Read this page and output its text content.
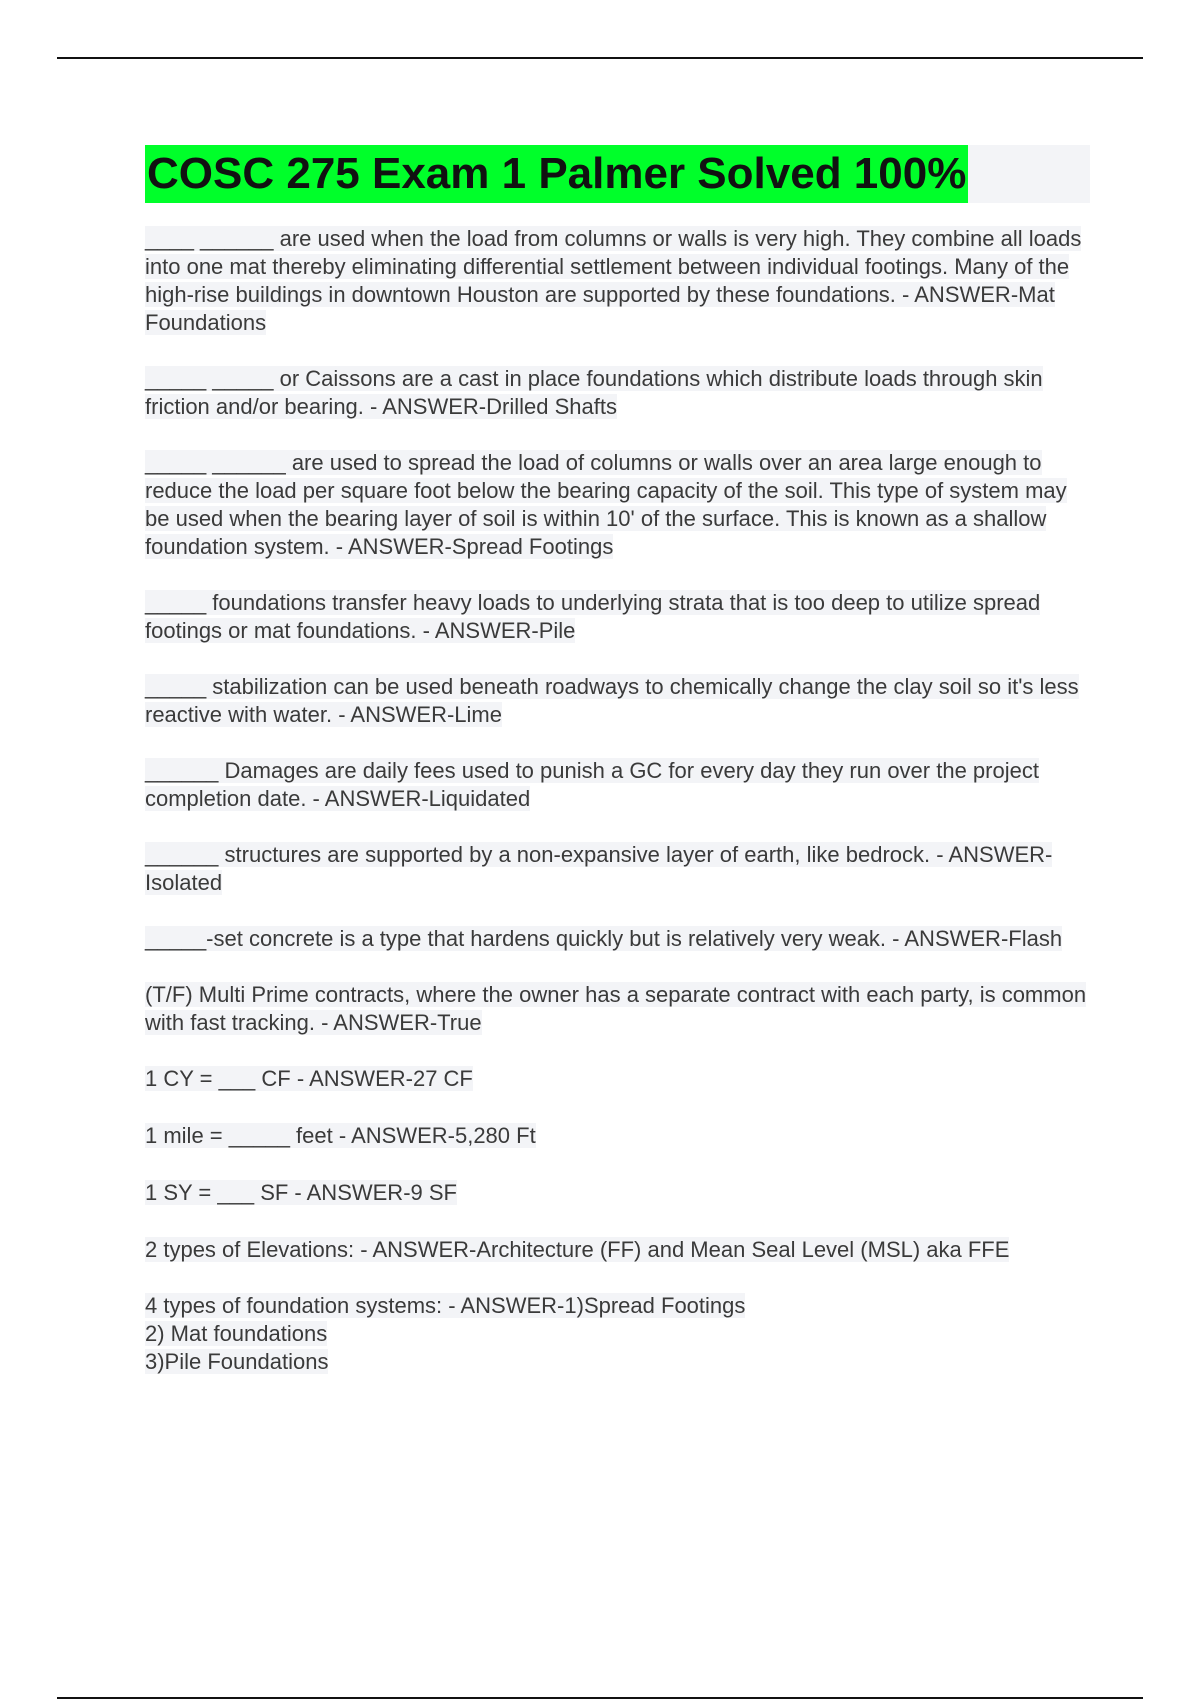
COSC 275 Exam 1 Palmer Solved 100%

____ ______ are used when the load from columns or walls is very high. They combine all loads into one mat thereby eliminating differential settlement between individual footings. Many of the high-rise buildings in downtown Houston are supported by these foundations. - ANSWER-Mat Foundations

_____ _____ or Caissons are a cast in place foundations which distribute loads through skin friction and/or bearing. - ANSWER-Drilled Shafts

_____ ______ are used to spread the load of columns or walls over an area large enough to reduce the load per square foot below the bearing capacity of the soil. This type of system may be used when the bearing layer of soil is within 10' of the surface. This is known as a shallow foundation system. - ANSWER-Spread Footings

_____ foundations transfer heavy loads to underlying strata that is too deep to utilize spread footings or mat foundations. - ANSWER-Pile

_____ stabilization can be used beneath roadways to chemically change the clay soil so it's less reactive with water. - ANSWER-Lime

______ Damages are daily fees used to punish a GC for every day they run over the project completion date. - ANSWER-Liquidated

______ structures are supported by a non-expansive layer of earth, like bedrock. - ANSWER-Isolated

_____-set concrete is a type that hardens quickly but is relatively very weak. - ANSWER-Flash

(T/F) Multi Prime contracts, where the owner has a separate contract with each party, is common with fast tracking. - ANSWER-True

1 CY = ___ CF - ANSWER-27 CF

1 mile = _____ feet - ANSWER-5,280 Ft

1 SY = ___ SF - ANSWER-9 SF

2 types of Elevations: - ANSWER-Architecture (FF) and Mean Seal Level (MSL) aka FFE

4 types of foundation systems: - ANSWER-1)Spread Footings
2) Mat foundations
3)Pile Foundations
